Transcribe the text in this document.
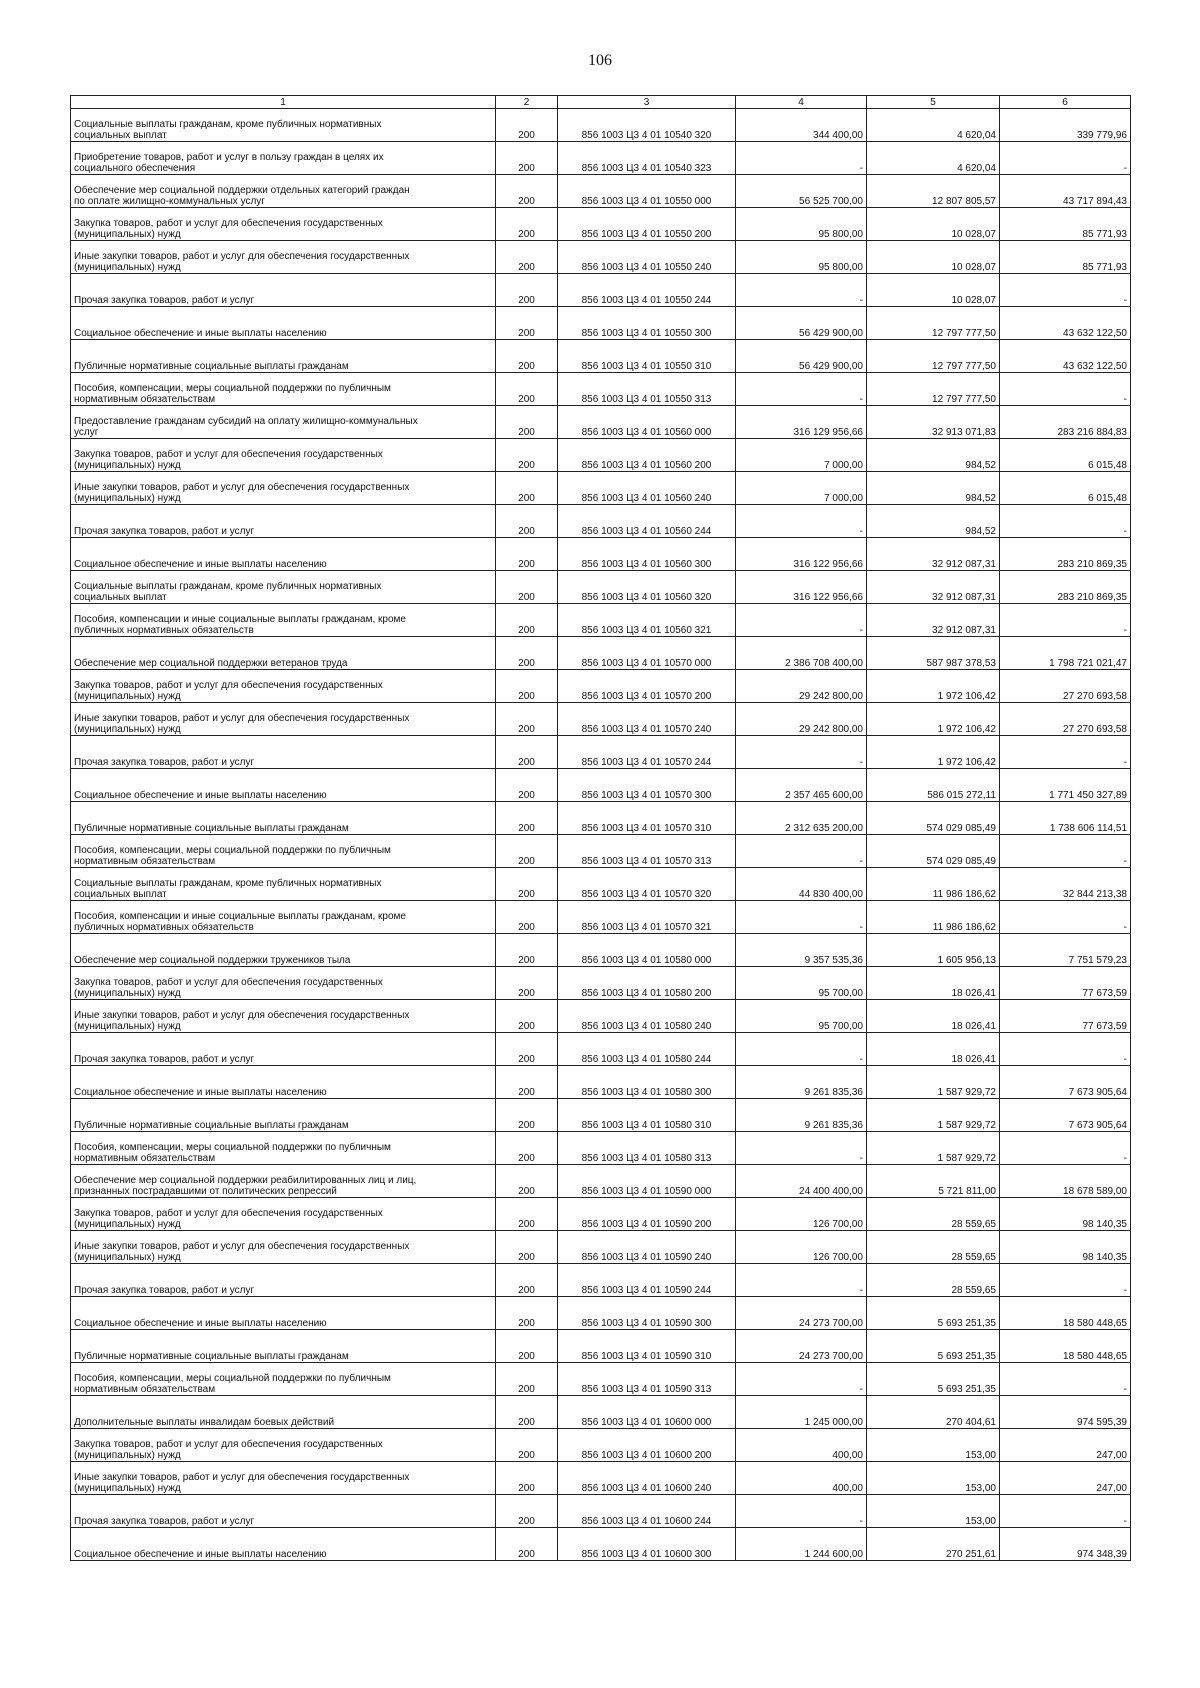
106
1	2	3	4	5	6
Социальные выплаты гражданам, кроме публичных нормативных
социальных выплат	200	856 1003 Ц3 4 01 10540 320	344 400,00	4 620,04	339 779,96
Приобретение товаров, работ и услуг в пользу граждан в целях их
социального обеспечения	200	856 1003 Ц3 4 01 10540 323	-	4 620,04	-
Обеспечение мер социальной поддержки отдельных категорий граждан
по оплате жилищно-коммунальных услуг	200	856 1003 Ц3 4 01 10550 000	56 525 700,00	12 807 805,57	43 717 894,43
Закупка товаров, работ и услуг для обеспечения государственных
(муниципальных) нужд	200	856 1003 Ц3 4 01 10550 200	95 800,00	10 028,07	85 771,93
Иные закупки товаров, работ и услуг для обеспечения государственных
(муниципальных) нужд	200	856 1003 Ц3 4 01 10550 240	95 800,00	10 028,07	85 771,93
Прочая закупка товаров, работ и услуг	200	856 1003 Ц3 4 01 10550 244	-	10 028,07	-
Социальное обеспечение и иные выплаты населению	200	856 1003 Ц3 4 01 10550 300	56 429 900,00	12 797 777,50	43 632 122,50
Публичные нормативные социальные выплаты гражданам	200	856 1003 Ц3 4 01 10550 310	56 429 900,00	12 797 777,50	43 632 122,50
Пособия, компенсации, меры социальной поддержки по публичным
нормативным обязательствам	200	856 1003 Ц3 4 01 10550 313	-	12 797 777,50	-
Предоставление гражданам субсидий на оплату жилищно-коммунальных
услуг	200	856 1003 Ц3 4 01 10560 000	316 129 956,66	32 913 071,83	283 216 884,83
Закупка товаров, работ и услуг для обеспечения государственных
(муниципальных) нужд	200	856 1003 Ц3 4 01 10560 200	7 000,00	984,52	6 015,48
Иные закупки товаров, работ и услуг для обеспечения государственных
(муниципальных) нужд	200	856 1003 Ц3 4 01 10560 240	7 000,00	984,52	6 015,48
Прочая закупка товаров, работ и услуг	200	856 1003 Ц3 4 01 10560 244	-	984,52	-
Социальное обеспечение и иные выплаты населению	200	856 1003 Ц3 4 01 10560 300	316 122 956,66	32 912 087,31	283 210 869,35
Социальные выплаты гражданам, кроме публичных нормативных
социальных выплат	200	856 1003 Ц3 4 01 10560 320	316 122 956,66	32 912 087,31	283 210 869,35
Пособия, компенсации и иные социальные выплаты гражданам, кроме
публичных нормативных обязательств	200	856 1003 Ц3 4 01 10560 321	-	32 912 087,31	-
Обеспечение мер социальной поддержки ветеранов труда	200	856 1003 Ц3 4 01 10570 000	2 386 708 400,00	587 987 378,53	1 798 721 021,47
Закупка товаров, работ и услуг для обеспечения государственных
(муниципальных) нужд	200	856 1003 Ц3 4 01 10570 200	29 242 800,00	1 972 106,42	27 270 693,58
Иные закупки товаров, работ и услуг для обеспечения государственных
(муниципальных) нужд	200	856 1003 Ц3 4 01 10570 240	29 242 800,00	1 972 106,42	27 270 693,58
Прочая закупка товаров, работ и услуг	200	856 1003 Ц3 4 01 10570 244	-	1 972 106,42	-
Социальное обеспечение и иные выплаты населению	200	856 1003 Ц3 4 01 10570 300	2 357 465 600,00	586 015 272,11	1 771 450 327,89
Публичные нормативные социальные выплаты гражданам	200	856 1003 Ц3 4 01 10570 310	2 312 635 200,00	574 029 085,49	1 738 606 114,51
Пособия, компенсации, меры социальной поддержки по публичным
нормативным обязательствам	200	856 1003 Ц3 4 01 10570 313	-	574 029 085,49	-
Социальные выплаты гражданам, кроме публичных нормативных
социальных выплат	200	856 1003 Ц3 4 01 10570 320	44 830 400,00	11 986 186,62	32 844 213,38
Пособия, компенсации и иные социальные выплаты гражданам, кроме
публичных нормативных обязательств	200	856 1003 Ц3 4 01 10570 321	-	11 986 186,62	-
Обеспечение мер социальной поддержки тружеников тыла	200	856 1003 Ц3 4 01 10580 000	9 357 535,36	1 605 956,13	7 751 579,23
Закупка товаров, работ и услуг для обеспечения государственных
(муниципальных) нужд	200	856 1003 Ц3 4 01 10580 200	95 700,00	18 026,41	77 673,59
Иные закупки товаров, работ и услуг для обеспечения государственных
(муниципальных) нужд	200	856 1003 Ц3 4 01 10580 240	95 700,00	18 026,41	77 673,59
Прочая закупка товаров, работ и услуг	200	856 1003 Ц3 4 01 10580 244	-	18 026,41	-
Социальное обеспечение и иные выплаты населению	200	856 1003 Ц3 4 01 10580 300	9 261 835,36	1 587 929,72	7 673 905,64
Публичные нормативные социальные выплаты гражданам	200	856 1003 Ц3 4 01 10580 310	9 261 835,36	1 587 929,72	7 673 905,64
Пособия, компенсации, меры социальной поддержки по публичным
нормативным обязательствам	200	856 1003 Ц3 4 01 10580 313	-	1 587 929,72	-
Обеспечение мер социальной поддержки реабилитированных лиц и лиц,
признанных пострадавшими от политических репрессий	200	856 1003 Ц3 4 01 10590 000	24 400 400,00	5 721 811,00	18 678 589,00
Закупка товаров, работ и услуг для обеспечения государственных
(муниципальных) нужд	200	856 1003 Ц3 4 01 10590 200	126 700,00	28 559,65	98 140,35
Иные закупки товаров, работ и услуг для обеспечения государственных
(муниципальных) нужд	200	856 1003 Ц3 4 01 10590 240	126 700,00	28 559,65	98 140,35
Прочая закупка товаров, работ и услуг	200	856 1003 Ц3 4 01 10590 244	-	28 559,65	-
Социальное обеспечение и иные выплаты населению	200	856 1003 Ц3 4 01 10590 300	24 273 700,00	5 693 251,35	18 580 448,65
Публичные нормативные социальные выплаты гражданам	200	856 1003 Ц3 4 01 10590 310	24 273 700,00	5 693 251,35	18 580 448,65
Пособия, компенсации, меры социальной поддержки по публичным
нормативным обязательствам	200	856 1003 Ц3 4 01 10590 313	-	5 693 251,35	-
Дополнительные выплаты инвалидам боевых действий	200	856 1003 Ц3 4 01 10600 000	1 245 000,00	270 404,61	974 595,39
Закупка товаров, работ и услуг для обеспечения государственных
(муниципальных) нужд	200	856 1003 Ц3 4 01 10600 200	400,00	153,00	247,00
Иные закупки товаров, работ и услуг для обеспечения государственных
(муниципальных) нужд	200	856 1003 Ц3 4 01 10600 240	400,00	153,00	247,00
Прочая закупка товаров, работ и услуг	200	856 1003 Ц3 4 01 10600 244	-	153,00	-
Социальное обеспечение и иные выплаты населению	200	856 1003 Ц3 4 01 10600 300	1 244 600,00	270 251,61	974 348,39
